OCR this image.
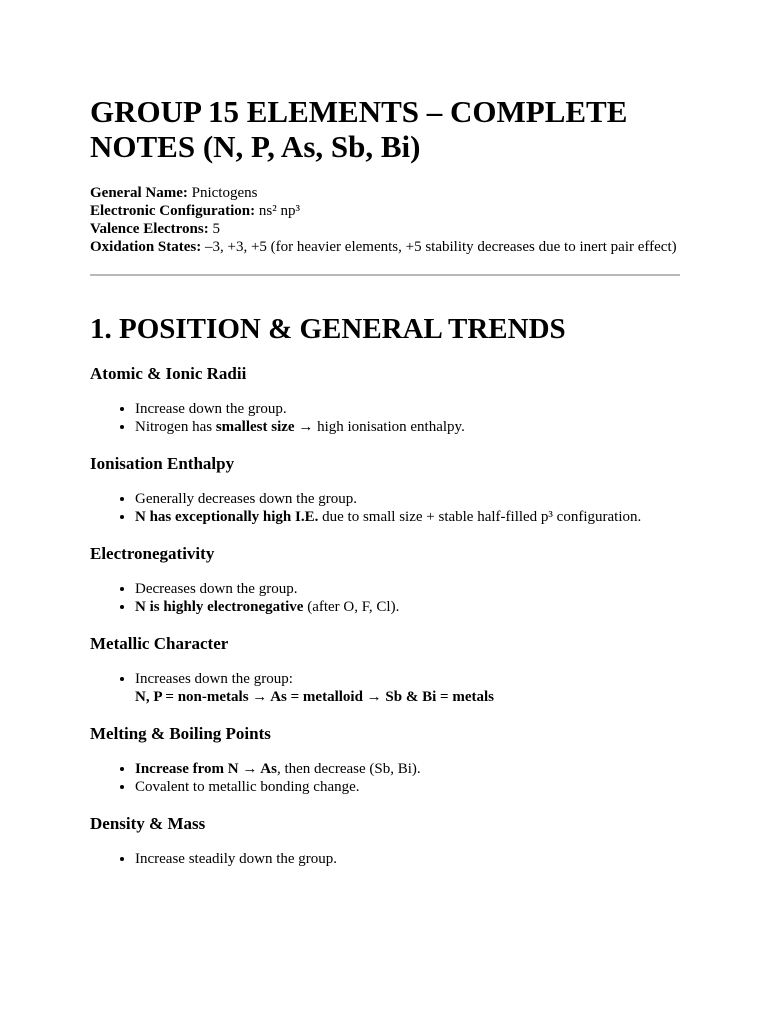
GROUP 15 ELEMENTS – COMPLETE NOTES (N, P, As, Sb, Bi)

General Name: Pnictogens

Electronic Configuration: ns² np³

Valence Electrons: 5

Oxidation States: –3, +3, +5 (for heavier elements, +5 stability decreases due to inert pair effect)

1. POSITION & GENERAL TRENDS
Atomic & Ionic Radii
• Increase down the group.
• Nitrogen has smallest size → high ionisation enthalpy.
Ionisation Enthalpy
• Generally decreases down the group.
• N has exceptionally high I.E. due to small size + stable half-filled p³ configuration.
Electronegativity
• Decreases down the group.
• N is highly electronegative (after O, F, Cl).
Metallic Character
• Increases down the group:
N, P = non-metals → As = metalloid → Sb & Bi = metals
Melting & Boiling Points
• Increase from N → As, then decrease (Sb, Bi).
• Covalent to metallic bonding change.
Density & Mass
• Increase steadily down the group.
